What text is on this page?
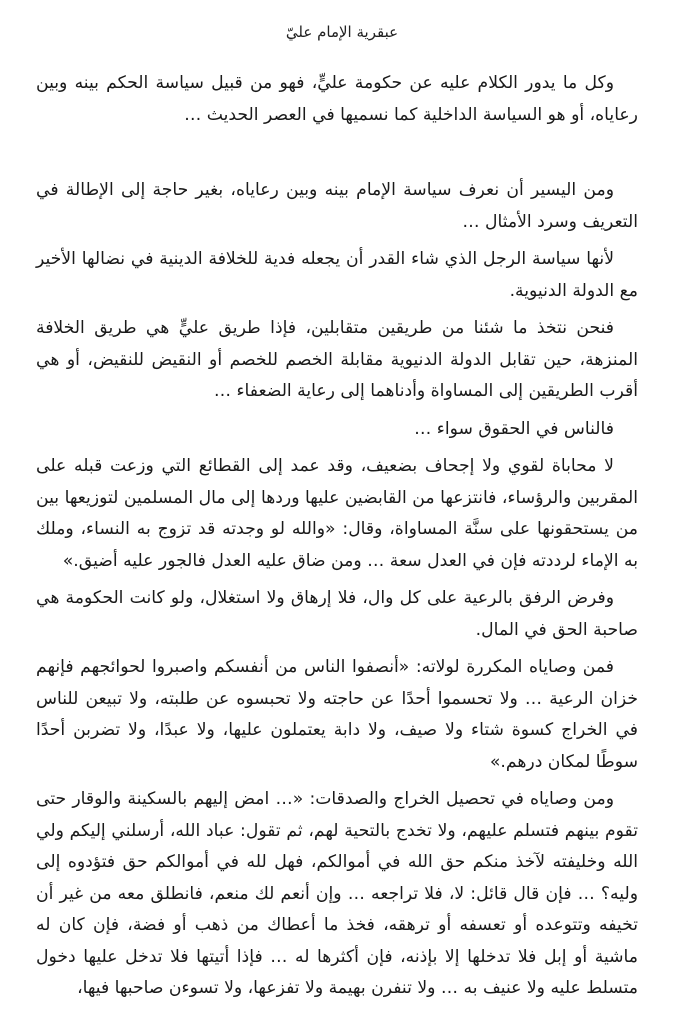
عبقرية الإمام عليّ

وكل ما يدور الكلام عليه عن حكومة عليٍّ، فهو من قبيل سياسة الحكم بينه وبين رعاياه، أو هو السياسة الداخلية كما نسميها في العصر الحديث …

ومن اليسير أن نعرف سياسة الإمام بينه وبين رعاياه، بغير حاجة إلى الإطالة في التعريف وسرد الأمثال …

لأنها سياسة الرجل الذي شاء القدر أن يجعله فدية للخلافة الدينية في نضالها الأخير مع الدولة الدنيوية.

فنحن نتخذ ما شئنا من طريقين متقابلين، فإذا طريق عليٍّ هي طريق الخلافة المنزهة، حين تقابل الدولة الدنيوية مقابلة الخصم للخصم أو النقيض للنقيض، أو هي أقرب الطريقين إلى المساواة وأدناهما إلى رعاية الضعفاء …

فالناس في الحقوق سواء …

لا محاباة لقوي ولا إجحاف بضعيف، وقد عمد إلى القطائع التي وزعت قبله على المقربين والرؤساء، فانتزعها من القابضين عليها وردها إلى مال المسلمين لتوزيعها بين من يستحقونها على سنَّة المساواة، وقال: «والله لو وجدته قد تزوج به النساء، وملك به الإماء لرددته فإن في العدل سعة … ومن ضاق عليه العدل فالجور عليه أضيق.»

وفرض الرفق بالرعية على كل وال، فلا إرهاق ولا استغلال، ولو كانت الحكومة هي صاحبة الحق في المال.

فمن وصاياه المكررة لولاته: «أنصفوا الناس من أنفسكم واصبروا لحوائجهم فإنهم خزان الرعية … ولا تحسموا أحدًا عن حاجته ولا تحبسوه عن طلبته، ولا تبيعن للناس في الخراج كسوة شتاء ولا صيف، ولا دابة يعتملون عليها، ولا عبدًا، ولا تضربن أحدًا سوطًا لمكان درهم.»

ومن وصاياه في تحصيل الخراج والصدقات: «… امض إليهم بالسكينة والوقار حتى تقوم بينهم فتسلم عليهم، ولا تخدج بالتحية لهم، ثم تقول: عباد الله، أرسلني إليكم ولي الله وخليفته لآخذ منكم حق الله في أموالكم، فهل لله في أموالكم حق فتؤدوه إلى وليه؟ … فإن قال قائل: لا، فلا تراجعه … وإن أنعم لك منعم، فانطلق معه من غير أن تخيفه وتتوعده أو تعسفه أو ترهقه، فخذ ما أعطاك من ذهب أو فضة، فإن كان له ماشية أو إبل فلا تدخلها إلا بإذنه، فإن أكثرها له … فإذا أتيتها فلا تدخل عليها دخول متسلط عليه ولا عنيف به … ولا تنفرن بهيمة ولا تفزعها، ولا تسوءن صاحبها فيها،
